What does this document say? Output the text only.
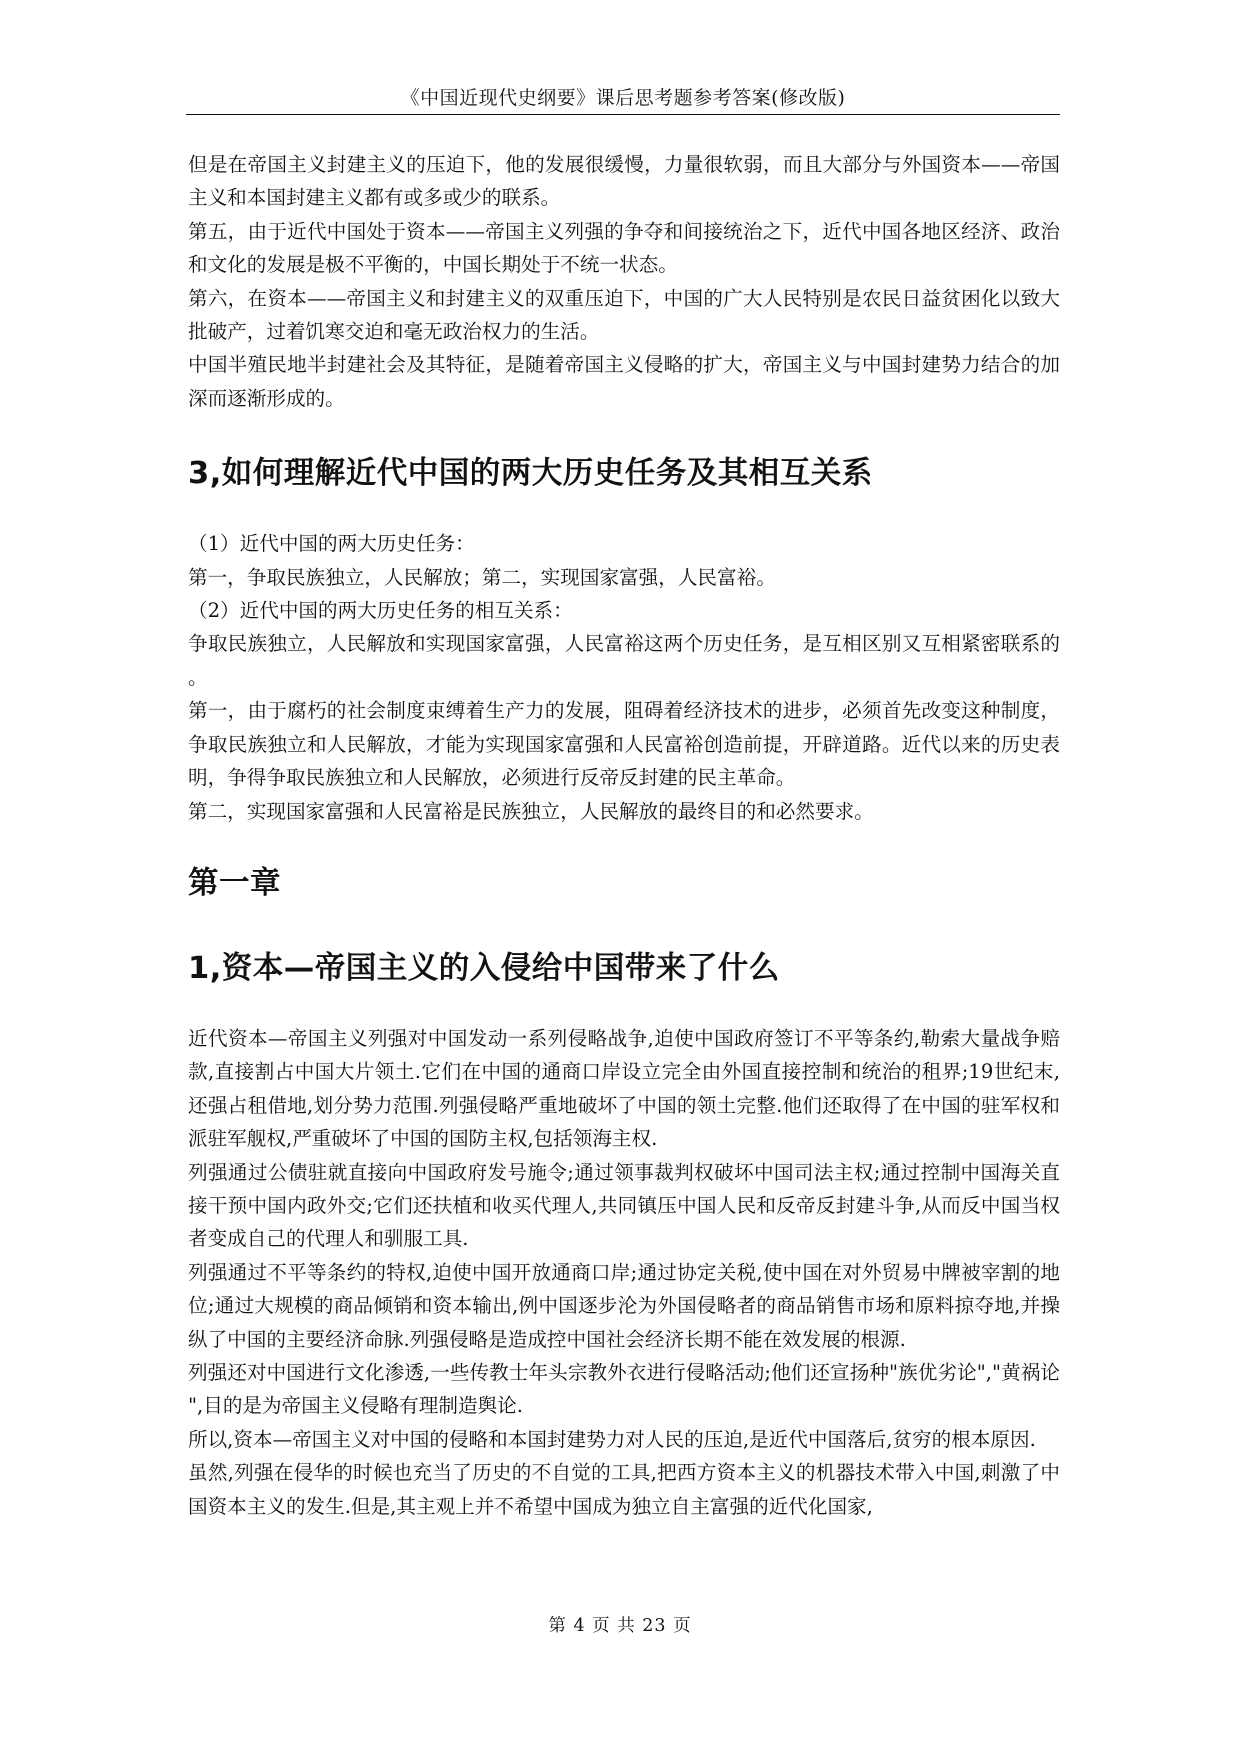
《中国近现代史纲要》课后思考题参考答案(修改版)

但是在帝国主义封建主义的压迫下，他的发展很缓慢，力量很软弱，而且大部分与外国资本——帝国主义和本国封建主义都有或多或少的联系。

第五，由于近代中国处于资本——帝国主义列强的争夺和间接统治之下，近代中国各地区经济、政治和文化的发展是极不平衡的，中国长期处于不统一状态。

第六，在资本——帝国主义和封建主义的双重压迫下，中国的广大人民特别是农民日益贫困化以致大批破产，过着饥寒交迫和毫无政治权力的生活。

中国半殖民地半封建社会及其特征，是随着帝国主义侵略的扩大，帝国主义与中国封建势力结合的加深而逐渐形成的。

3,如何理解近代中国的两大历史任务及其相互关系

（1）近代中国的两大历史任务：

第一，争取民族独立，人民解放；第二，实现国家富强，人民富裕。

（2）近代中国的两大历史任务的相互关系：

争取民族独立，人民解放和实现国家富强，人民富裕这两个历史任务，是互相区别又互相紧密联系的。

第一，由于腐朽的社会制度束缚着生产力的发展，阻碍着经济技术的进步，必须首先改变这种制度，争取民族独立和人民解放，才能为实现国家富强和人民富裕创造前提，开辟道路。近代以来的历史表明，争得争取民族独立和人民解放，必须进行反帝反封建的民主革命。

第二，实现国家富强和人民富裕是民族独立，人民解放的最终目的和必然要求。

第一章
1,资本—帝国主义的入侵给中国带来了什么

近代资本—帝国主义列强对中国发动一系列侵略战争,迫使中国政府签订不平等条约,勒索大量战争赔款,直接割占中国大片领土.它们在中国的通商口岸设立完全由外国直接控制和统治的租界;19世纪末,还强占租借地,划分势力范围.列强侵略严重地破坏了中国的领土完整.他们还取得了在中国的驻军权和派驻军舰权,严重破坏了中国的国防主权,包括领海主权.

列强通过公债驻就直接向中国政府发号施令;通过领事裁判权破坏中国司法主权;通过控制中国海关直接干预中国内政外交;它们还扶植和收买代理人,共同镇压中国人民和反帝反封建斗争,从而反中国当权者变成自己的代理人和驯服工具.

列强通过不平等条约的特权,迫使中国开放通商口岸;通过协定关税,使中国在对外贸易中牌被宰割的地位;通过大规模的商品倾销和资本输出,例中国逐步沦为外国侵略者的商品销售市场和原料掠夺地,并操纵了中国的主要经济命脉.列强侵略是造成控中国社会经济长期不能在效发展的根源.

列强还对中国进行文化渗透,一些传教士年头宗教外衣进行侵略活动;他们还宣扬种"族优劣论","黄祸论",目的是为帝国主义侵略有理制造舆论.

所以,资本—帝国主义对中国的侵略和本国封建势力对人民的压迫,是近代中国落后,贫穷的根本原因.

虽然,列强在侵华的时候也充当了历史的不自觉的工具,把西方资本主义的机器技术带入中国,刺激了中国资本主义的发生.但是,其主观上并不希望中国成为独立自主富强的近代化国家,

第 4 页 共 23 页
